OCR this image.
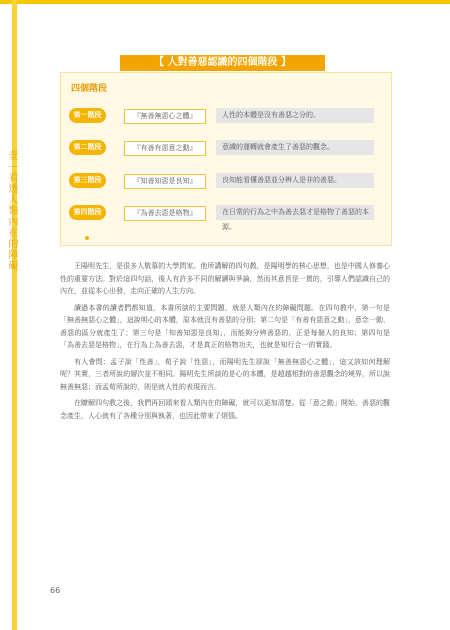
壹｜看透人類內在的障礙
【 人對善惡認識的四個階段 】
四個階段
第一階段	『無善無惡心之體』	人性的本體是沒有善惡之分的。
第二階段	『有善有惡意之動』	意識的運轉就會產生了善惡的觀念。
第三階段	『知善知惡是良知』	良知能看懂善惡並分辨人是非的善惡。
第四階段	『為善去惡是格物』	在日常的行為之中為善去惡才是格物了善惡的本源。

王陽明先生，是很多人敬慕的大學問家。他所講解的四句教，是陽明學的核心思想，也是中國人修養心性的重要方法。對於這四句話，後人有許多不同的解讀與爭論，然而其意旨是一貫的，引導人們認識自己的內在，並從本心出發，走向正確的人生方向。

讀過本書的讀者們都知道，本書所談的主要問題，就是人類內在的障礙問題。在四句教中，第一句是「無善無惡心之體」，這說明心的本體，原本就沒有善惡的分別；第二句是「有善有惡意之動」，意念一動，善惡的區分就產生了；第三句是「知善知惡是良知」，而能夠分辨善惡的，正是每個人的良知；第四句是「為善去惡是格物」，在行為上為善去惡，才是真正的格物功夫，也就是知行合一的實踐。

有人會問：孟子說「性善」，荀子說「性惡」，而陽明先生卻說「無善無惡心之體」，這又該如何理解呢？其實，三者所說的層次並不相同。陽明先生所談的是心的本體，是超越相對的善惡觀念的境界，所以說無善無惡；而孟荀所說的，則是就人性的表現而言。

在瞭解四句教之後，我們再回頭來看人類內在的障礙，就可以更加清楚。從「意之動」開始，善惡的觀念產生，人心就有了各種分別與執著，也因此帶來了煩惱。

66
